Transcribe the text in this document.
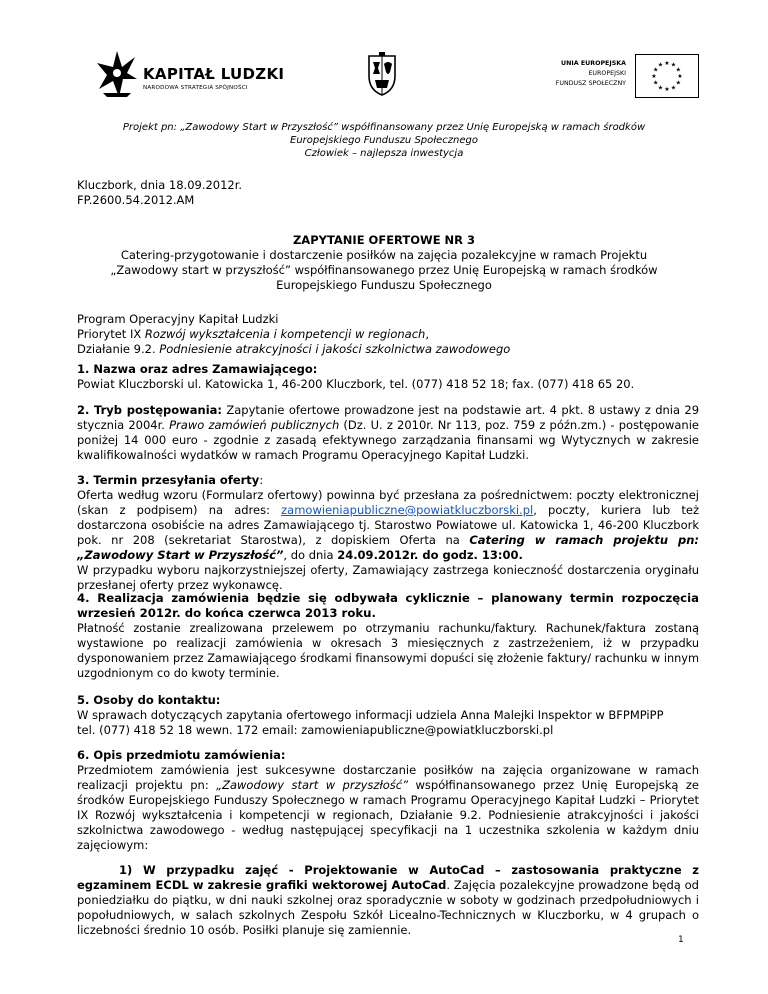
KAPITAŁ LUDZKI
NARODOWA STRATEGIA SPÓJNOŚCI
UNIA EUROPEJSKA
EUROPEJSKI
FUNDUSZ SPOŁECZNY
★ ★
★
★
★
★
★
★
★
★
★
★
Projekt pn: „Zawodowy Start w Przyszłość” współfinansowany przez Unię Europejską w ramach środków
Europejskiego Funduszu Społecznego
Człowiek – najlepsza inwestycja
Kluczbork, dnia 18.09.2012r.
FP.2600.54.2012.AM
ZAPYTANIE OFERTOWE NR 3
Catering-przygotowanie i dostarczenie posiłków na zajęcia pozalekcyjne w ramach Projektu
„Zawodowy start w przyszłość” współfinansowanego przez Unię Europejską w ramach środków
Europejskiego Funduszu Społecznego
Program Operacyjny Kapitał Ludzki
Priorytet IX Rozwój wykształcenia i kompetencji w regionach,
Działanie 9.2. Podniesienie atrakcyjności i jakości szkolnictwa zawodowego
1. Nazwa oraz adres Zamawiającego:
Powiat Kluczborski ul. Katowicka 1, 46-200 Kluczbork, tel. (077) 418 52 18; fax. (077) 418 65 20.

2. Tryb postępowania: Zapytanie ofertowe prowadzone jest na podstawie art. 4 pkt. 8 ustawy z dnia 29 stycznia 2004r. Prawo zamówień publicznych (Dz. U. z 2010r. Nr 113, poz. 759 z późn.zm.) - postępowanie poniżej 14 000 euro - zgodnie z zasadą efektywnego zarządzania finansami wg Wytycznych w zakresie kwalifikowalności wydatków w ramach Programu Operacyjnego Kapitał Ludzki.

3. Termin przesyłania oferty:

Oferta według wzoru (Formularz ofertowy) powinna być przesłana za pośrednictwem: poczty elektronicznej (skan z podpisem) na adres: zamowieniapubliczne@powiatkluczborski.pl, poczty, kuriera lub też dostarczona osobiście na adres Zamawiającego tj. Starostwo Powiatowe ul. Katowicka 1, 46-200 Kluczbork pok. nr 208 (sekretariat Starostwa), z dopiskiem Oferta na Catering w ramach projektu pn: „Zawodowy Start w Przyszłość”, do dnia 24.09.2012r. do godz. 13:00.

W przypadku wyboru najkorzystniejszej oferty, Zamawiający zastrzega konieczność dostarczenia oryginału przesłanej oferty przez wykonawcę.

4. Realizacja zamówienia będzie się odbywała cyklicznie – planowany termin rozpoczęcia wrzesień 2012r. do końca czerwca 2013 roku.

Płatność zostanie zrealizowana przelewem po otrzymaniu rachunku/faktury. Rachunek/faktura zostaną wystawione po realizacji zamówienia w okresach 3 miesięcznych z zastrzeżeniem, iż w przypadku dysponowaniem przez Zamawiającego środkami finansowymi dopuści się złożenie faktury/ rachunku w innym uzgodnionym co do kwoty terminie.

5. Osoby do kontaktu:
W sprawach dotyczących zapytania ofertowego informacji udziela Anna Malejki Inspektor w BFPMPiPP
tel. (077) 418 52 18 wewn. 172 email: zamowieniapubliczne@powiatkluczborski.pl
6. Opis przedmiotu zamówienia:

Przedmiotem zamówienia jest sukcesywne dostarczanie posiłków na zajęcia organizowane w ramach realizacji projektu pn: „Zawodowy start w przyszłość” współfinansowanego przez Unię Europejską ze środków Europejskiego Funduszy Społecznego w ramach Programu Operacyjnego Kapitał Ludzki – Priorytet IX Rozwój wykształcenia i kompetencji w regionach, Działanie 9.2. Podniesienie atrakcyjności i jakości szkolnictwa zawodowego - według następującej specyfikacji na 1 uczestnika szkolenia w każdym dniu zajęciowym:

1) W przypadku zajęć - Projektowanie w AutoCad – zastosowania praktyczne z egzaminem ECDL w zakresie grafiki wektorowej AutoCad. Zajęcia pozalekcyjne prowadzone będą od poniedziałku do piątku, w dni nauki szkolnej oraz sporadycznie w soboty w godzinach przedpołudniowych i popołudniowych, w salach szkolnych Zespołu Szkół Licealno-Technicznych w Kluczborku, w 4 grupach o liczebności średnio 10 osób. Posiłki planuje się zamiennie.

1
